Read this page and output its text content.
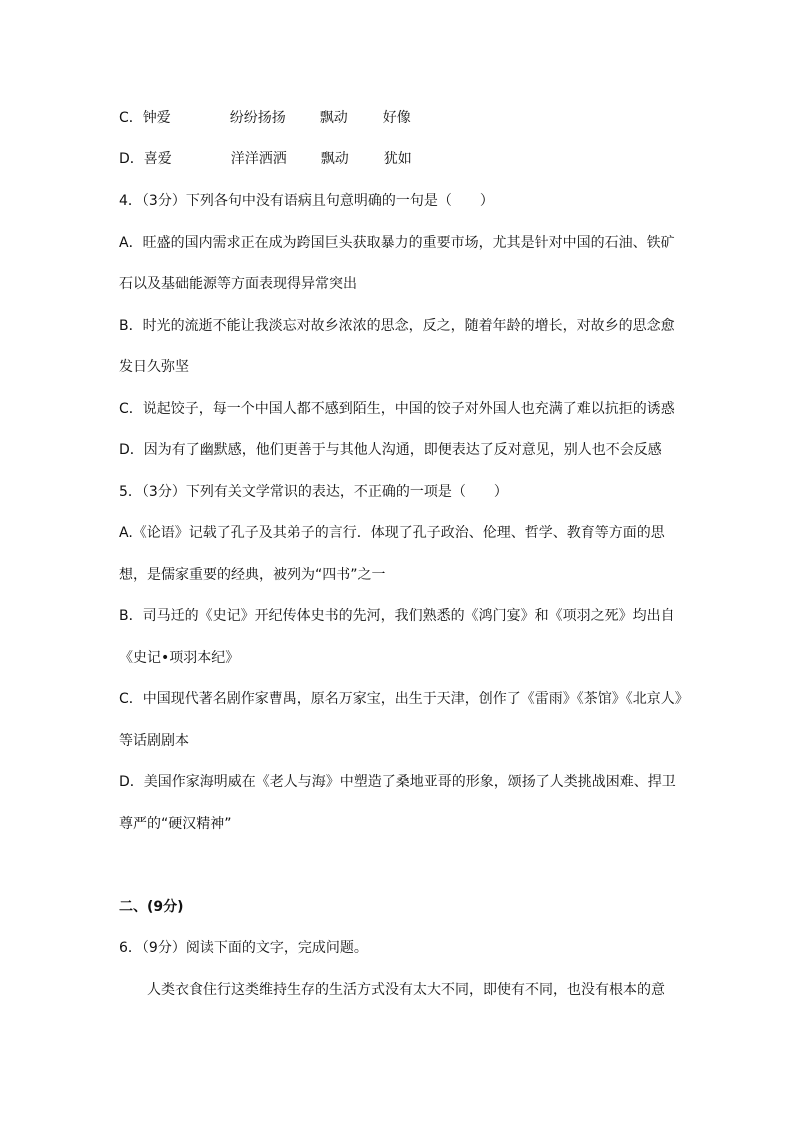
C．钟爱	纷纷扬扬 飘动	好像
D．喜爱	洋洋洒洒 飘动	犹如
4．（3分）下列各句中没有语病且句意明确的一句是（　　）
A．旺盛的国内需求正在成为跨国巨头获取暴力的重要市场，尤其是针对中国的石油、铁矿
石以及基础能源等方面表现得异常突出
B．时光的流逝不能让我淡忘对故乡浓浓的思念，反之，随着年龄的增长，对故乡的思念愈
发日久弥坚
C．说起饺子，每一个中国人都不感到陌生，中国的饺子对外国人也充满了难以抗拒的诱惑
D．因为有了幽默感，他们更善于与其他人沟通，即便表达了反对意见，别人也不会反感
5．（3分）下列有关文学常识的表达，不正确的一项是（　　）
A.《论语》记载了孔子及其弟子的言行．体现了孔子政治、伦理、哲学、教育等方面的思
想，是儒家重要的经典，被列为“四书”之一
B．司马迁的《史记》开纪传体史书的先河，我们熟悉的《鸿门宴》和《项羽之死》均出自
《史记•项羽本纪》
C．中国现代著名剧作家曹禺，原名万家宝，出生于天津，创作了《雷雨》《茶馆》《北京人》
等话剧剧本
D．美国作家海明威在《老人与海》中塑造了桑地亚哥的形象，颂扬了人类挑战困难、捍卫
尊严的“硬汉精神”
二、(9分)
6．（9分）阅读下面的文字，完成问题。
人类衣食住行这类维持生存的生活方式没有太大不同，即使有不同，也没有根本的意
